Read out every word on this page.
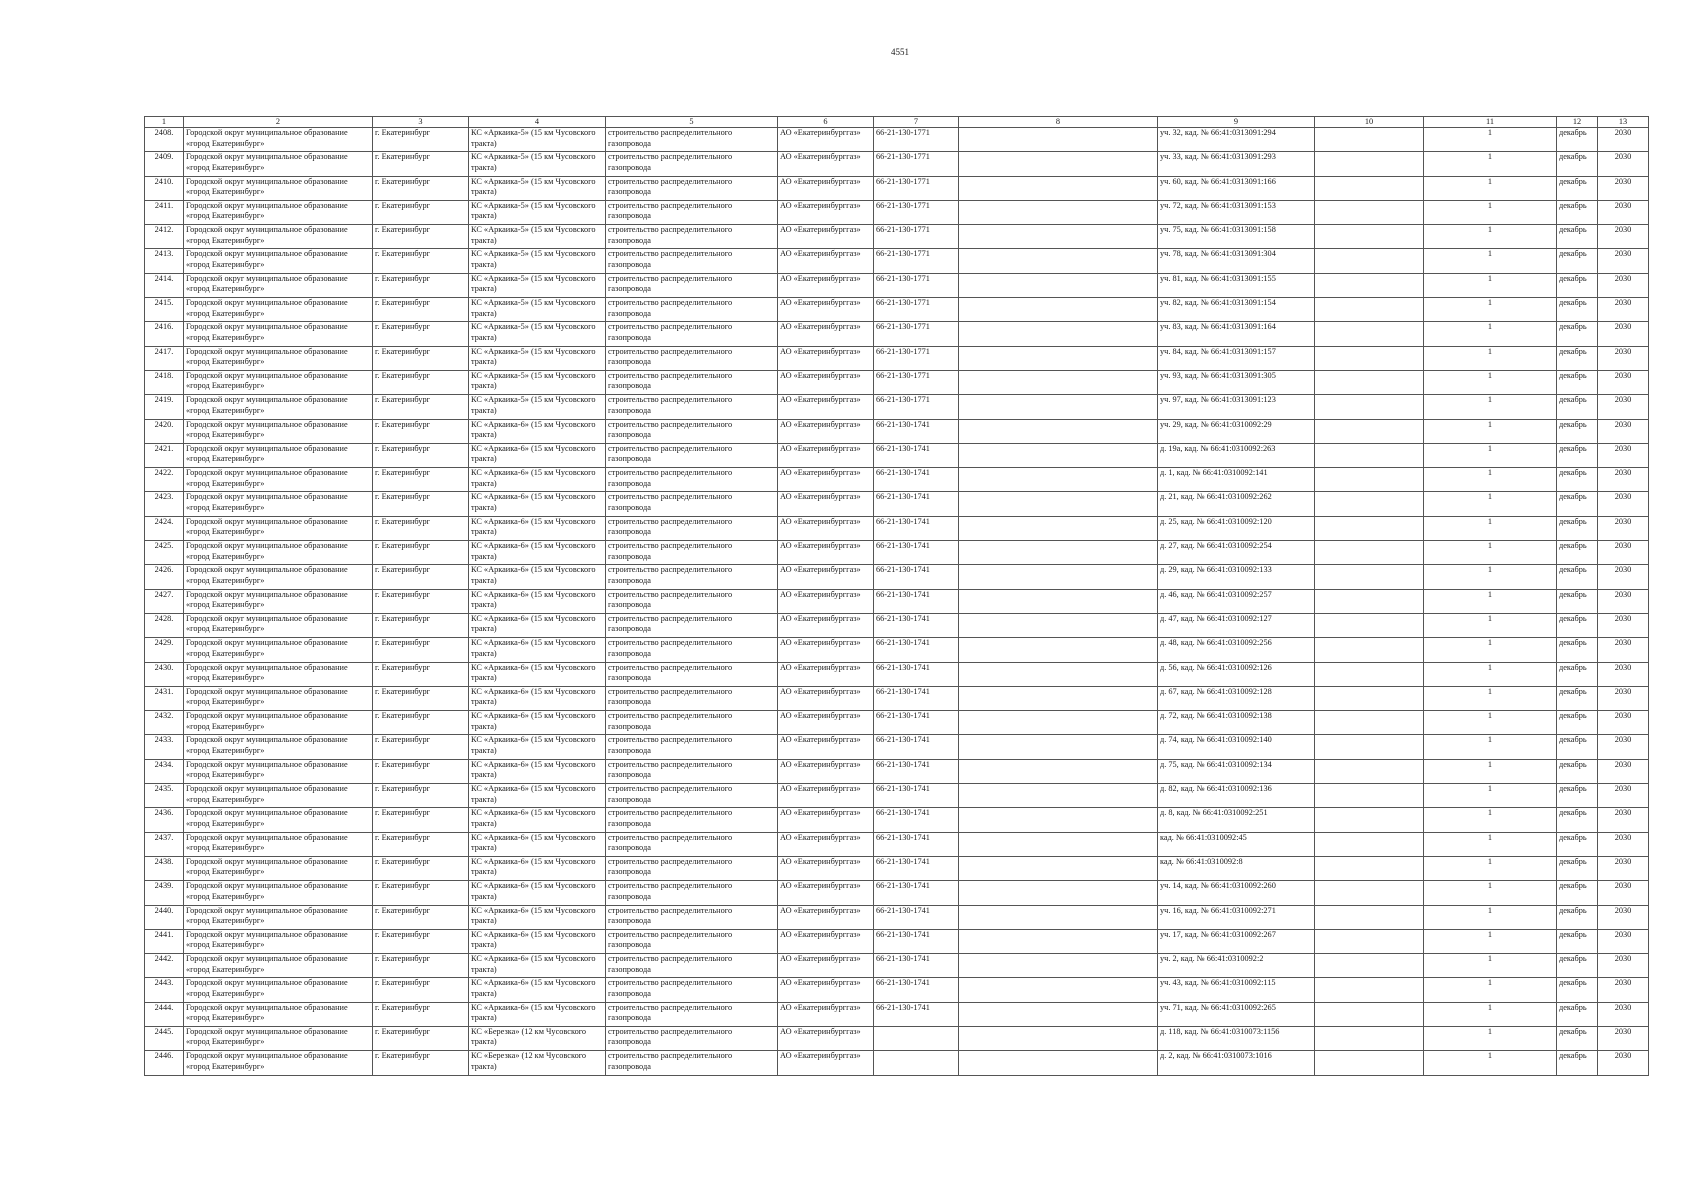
4551
1	2	3	4	5	6	7	8	9	10	11	12	13
2408.	Городской округ муниципальное образование «город Екатеринбург»	г. Екатеринбург	КС «Аркаика-5» (15 км Чусовского тракта)	строительство распределительного газопровода	АО «Екатеринбурггаз»	66-21-130-1771		уч. 32, кад. № 66:41:0313091:294		1	декабрь	2030
2409.	Городской округ муниципальное образование «город Екатеринбург»	г. Екатеринбург	КС «Аркаика-5» (15 км Чусовского тракта)	строительство распределительного газопровода	АО «Екатеринбурггаз»	66-21-130-1771		уч. 33, кад. № 66:41:0313091:293		1	декабрь	2030
2410.	Городской округ муниципальное образование «город Екатеринбург»	г. Екатеринбург	КС «Аркаика-5» (15 км Чусовского тракта)	строительство распределительного газопровода	АО «Екатеринбурггаз»	66-21-130-1771		уч. 60, кад. № 66:41:0313091:166		1	декабрь	2030
2411.	Городской округ муниципальное образование «город Екатеринбург»	г. Екатеринбург	КС «Аркаика-5» (15 км Чусовского тракта)	строительство распределительного газопровода	АО «Екатеринбурггаз»	66-21-130-1771		уч. 72, кад. № 66:41:0313091:153		1	декабрь	2030
2412.	Городской округ муниципальное образование «город Екатеринбург»	г. Екатеринбург	КС «Аркаика-5» (15 км Чусовского тракта)	строительство распределительного газопровода	АО «Екатеринбурггаз»	66-21-130-1771		уч. 75, кад. № 66:41:0313091:158		1	декабрь	2030
2413.	Городской округ муниципальное образование «город Екатеринбург»	г. Екатеринбург	КС «Аркаика-5» (15 км Чусовского тракта)	строительство распределительного газопровода	АО «Екатеринбурггаз»	66-21-130-1771		уч. 78, кад. № 66:41:0313091:304		1	декабрь	2030
2414.	Городской округ муниципальное образование «город Екатеринбург»	г. Екатеринбург	КС «Аркаика-5» (15 км Чусовского тракта)	строительство распределительного газопровода	АО «Екатеринбурггаз»	66-21-130-1771		уч. 81, кад. № 66:41:0313091:155		1	декабрь	2030
2415.	Городской округ муниципальное образование «город Екатеринбург»	г. Екатеринбург	КС «Аркаика-5» (15 км Чусовского тракта)	строительство распределительного газопровода	АО «Екатеринбурггаз»	66-21-130-1771		уч. 82, кад. № 66:41:0313091:154		1	декабрь	2030
2416.	Городской округ муниципальное образование «город Екатеринбург»	г. Екатеринбург	КС «Аркаика-5» (15 км Чусовского тракта)	строительство распределительного газопровода	АО «Екатеринбурггаз»	66-21-130-1771		уч. 83, кад. № 66:41:0313091:164		1	декабрь	2030
2417.	Городской округ муниципальное образование «город Екатеринбург»	г. Екатеринбург	КС «Аркаика-5» (15 км Чусовского тракта)	строительство распределительного газопровода	АО «Екатеринбурггаз»	66-21-130-1771		уч. 84, кад. № 66:41:0313091:157		1	декабрь	2030
2418.	Городской округ муниципальное образование «город Екатеринбург»	г. Екатеринбург	КС «Аркаика-5» (15 км Чусовского тракта)	строительство распределительного газопровода	АО «Екатеринбурггаз»	66-21-130-1771		уч. 93, кад. № 66:41:0313091:305		1	декабрь	2030
2419.	Городской округ муниципальное образование «город Екатеринбург»	г. Екатеринбург	КС «Аркаика-5» (15 км Чусовского тракта)	строительство распределительного газопровода	АО «Екатеринбурггаз»	66-21-130-1771		уч. 97, кад. № 66:41:0313091:123		1	декабрь	2030
2420.	Городской округ муниципальное образование «город Екатеринбург»	г. Екатеринбург	КС «Аркаика-6» (15 км Чусовского тракта)	строительство распределительного газопровода	АО «Екатеринбурггаз»	66-21-130-1741		уч. 29, кад. № 66:41:0310092:29		1	декабрь	2030
2421.	Городской округ муниципальное образование «город Екатеринбург»	г. Екатеринбург	КС «Аркаика-6» (15 км Чусовского тракта)	строительство распределительного газопровода	АО «Екатеринбурггаз»	66-21-130-1741		д. 19а, кад. № 66:41:0310092:263		1	декабрь	2030
2422.	Городской округ муниципальное образование «город Екатеринбург»	г. Екатеринбург	КС «Аркаика-6» (15 км Чусовского тракта)	строительство распределительного газопровода	АО «Екатеринбурггаз»	66-21-130-1741		д. 1, кад. № 66:41:0310092:141		1	декабрь	2030
2423.	Городской округ муниципальное образование «город Екатеринбург»	г. Екатеринбург	КС «Аркаика-6» (15 км Чусовского тракта)	строительство распределительного газопровода	АО «Екатеринбурггаз»	66-21-130-1741		д. 21, кад. № 66:41:0310092:262		1	декабрь	2030
2424.	Городской округ муниципальное образование «город Екатеринбург»	г. Екатеринбург	КС «Аркаика-6» (15 км Чусовского тракта)	строительство распределительного газопровода	АО «Екатеринбурггаз»	66-21-130-1741		д. 25, кад. № 66:41:0310092:120		1	декабрь	2030
2425.	Городской округ муниципальное образование «город Екатеринбург»	г. Екатеринбург	КС «Аркаика-6» (15 км Чусовского тракта)	строительство распределительного газопровода	АО «Екатеринбурггаз»	66-21-130-1741		д. 27, кад. № 66:41:0310092:254		1	декабрь	2030
2426.	Городской округ муниципальное образование «город Екатеринбург»	г. Екатеринбург	КС «Аркаика-6» (15 км Чусовского тракта)	строительство распределительного газопровода	АО «Екатеринбурггаз»	66-21-130-1741		д. 29, кад. № 66:41:0310092:133		1	декабрь	2030
2427.	Городской округ муниципальное образование «город Екатеринбург»	г. Екатеринбург	КС «Аркаика-6» (15 км Чусовского тракта)	строительство распределительного газопровода	АО «Екатеринбурггаз»	66-21-130-1741		д. 46, кад. № 66:41:0310092:257		1	декабрь	2030
2428.	Городской округ муниципальное образование «город Екатеринбург»	г. Екатеринбург	КС «Аркаика-6» (15 км Чусовского тракта)	строительство распределительного газопровода	АО «Екатеринбурггаз»	66-21-130-1741		д. 47, кад. № 66:41:0310092:127		1	декабрь	2030
2429.	Городской округ муниципальное образование «город Екатеринбург»	г. Екатеринбург	КС «Аркаика-6» (15 км Чусовского тракта)	строительство распределительного газопровода	АО «Екатеринбурггаз»	66-21-130-1741		д. 48, кад. № 66:41:0310092:256		1	декабрь	2030
2430.	Городской округ муниципальное образование «город Екатеринбург»	г. Екатеринбург	КС «Аркаика-6» (15 км Чусовского тракта)	строительство распределительного газопровода	АО «Екатеринбурггаз»	66-21-130-1741		д. 56, кад. № 66:41:0310092:126		1	декабрь	2030
2431.	Городской округ муниципальное образование «город Екатеринбург»	г. Екатеринбург	КС «Аркаика-6» (15 км Чусовского тракта)	строительство распределительного газопровода	АО «Екатеринбурггаз»	66-21-130-1741		д. 67, кад. № 66:41:0310092:128		1	декабрь	2030
2432.	Городской округ муниципальное образование «город Екатеринбург»	г. Екатеринбург	КС «Аркаика-6» (15 км Чусовского тракта)	строительство распределительного газопровода	АО «Екатеринбурггаз»	66-21-130-1741		д. 72, кад. № 66:41:0310092:138		1	декабрь	2030
2433.	Городской округ муниципальное образование «город Екатеринбург»	г. Екатеринбург	КС «Аркаика-6» (15 км Чусовского тракта)	строительство распределительного газопровода	АО «Екатеринбурггаз»	66-21-130-1741		д. 74, кад. № 66:41:0310092:140		1	декабрь	2030
2434.	Городской округ муниципальное образование «город Екатеринбург»	г. Екатеринбург	КС «Аркаика-6» (15 км Чусовского тракта)	строительство распределительного газопровода	АО «Екатеринбурггаз»	66-21-130-1741		д. 75, кад. № 66:41:0310092:134		1	декабрь	2030
2435.	Городской округ муниципальное образование «город Екатеринбург»	г. Екатеринбург	КС «Аркаика-6» (15 км Чусовского тракта)	строительство распределительного газопровода	АО «Екатеринбурггаз»	66-21-130-1741		д. 82, кад. № 66:41:0310092:136		1	декабрь	2030
2436.	Городской округ муниципальное образование «город Екатеринбург»	г. Екатеринбург	КС «Аркаика-6» (15 км Чусовского тракта)	строительство распределительного газопровода	АО «Екатеринбурггаз»	66-21-130-1741		д. 8, кад. № 66:41:0310092:251		1	декабрь	2030
2437.	Городской округ муниципальное образование «город Екатеринбург»	г. Екатеринбург	КС «Аркаика-6» (15 км Чусовского тракта)	строительство распределительного газопровода	АО «Екатеринбурггаз»	66-21-130-1741		кад. № 66:41:0310092:45		1	декабрь	2030
2438.	Городской округ муниципальное образование «город Екатеринбург»	г. Екатеринбург	КС «Аркаика-6» (15 км Чусовского тракта)	строительство распределительного газопровода	АО «Екатеринбурггаз»	66-21-130-1741		кад. № 66:41:0310092:8		1	декабрь	2030
2439.	Городской округ муниципальное образование «город Екатеринбург»	г. Екатеринбург	КС «Аркаика-6» (15 км Чусовского тракта)	строительство распределительного газопровода	АО «Екатеринбурггаз»	66-21-130-1741		уч. 14, кад. № 66:41:0310092:260		1	декабрь	2030
2440.	Городской округ муниципальное образование «город Екатеринбург»	г. Екатеринбург	КС «Аркаика-6» (15 км Чусовского тракта)	строительство распределительного газопровода	АО «Екатеринбурггаз»	66-21-130-1741		уч. 16, кад. № 66:41:0310092:271		1	декабрь	2030
2441.	Городской округ муниципальное образование «город Екатеринбург»	г. Екатеринбург	КС «Аркаика-6» (15 км Чусовского тракта)	строительство распределительного газопровода	АО «Екатеринбурггаз»	66-21-130-1741		уч. 17, кад. № 66:41:0310092:267		1	декабрь	2030
2442.	Городской округ муниципальное образование «город Екатеринбург»	г. Екатеринбург	КС «Аркаика-6» (15 км Чусовского тракта)	строительство распределительного газопровода	АО «Екатеринбурггаз»	66-21-130-1741		уч. 2, кад. № 66:41:0310092:2		1	декабрь	2030
2443.	Городской округ муниципальное образование «город Екатеринбург»	г. Екатеринбург	КС «Аркаика-6» (15 км Чусовского тракта)	строительство распределительного газопровода	АО «Екатеринбурггаз»	66-21-130-1741		уч. 43, кад. № 66:41:0310092:115		1	декабрь	2030
2444.	Городской округ муниципальное образование «город Екатеринбург»	г. Екатеринбург	КС «Аркаика-6» (15 км Чусовского тракта)	строительство распределительного газопровода	АО «Екатеринбурггаз»	66-21-130-1741		уч. 71, кад. № 66:41:0310092:265		1	декабрь	2030
2445.	Городской округ муниципальное образование «город Екатеринбург»	г. Екатеринбург	КС «Березка» (12 км Чусовского тракта)	строительство распределительного газопровода	АО «Екатеринбурггаз»			д. 118, кад. № 66:41:0310073:1156		1	декабрь	2030
2446.	Городской округ муниципальное образование «город Екатеринбург»	г. Екатеринбург	КС «Березка» (12 км Чусовского тракта)	строительство распределительного газопровода	АО «Екатеринбурггаз»			д. 2, кад. № 66:41:0310073:1016		1	декабрь	2030
